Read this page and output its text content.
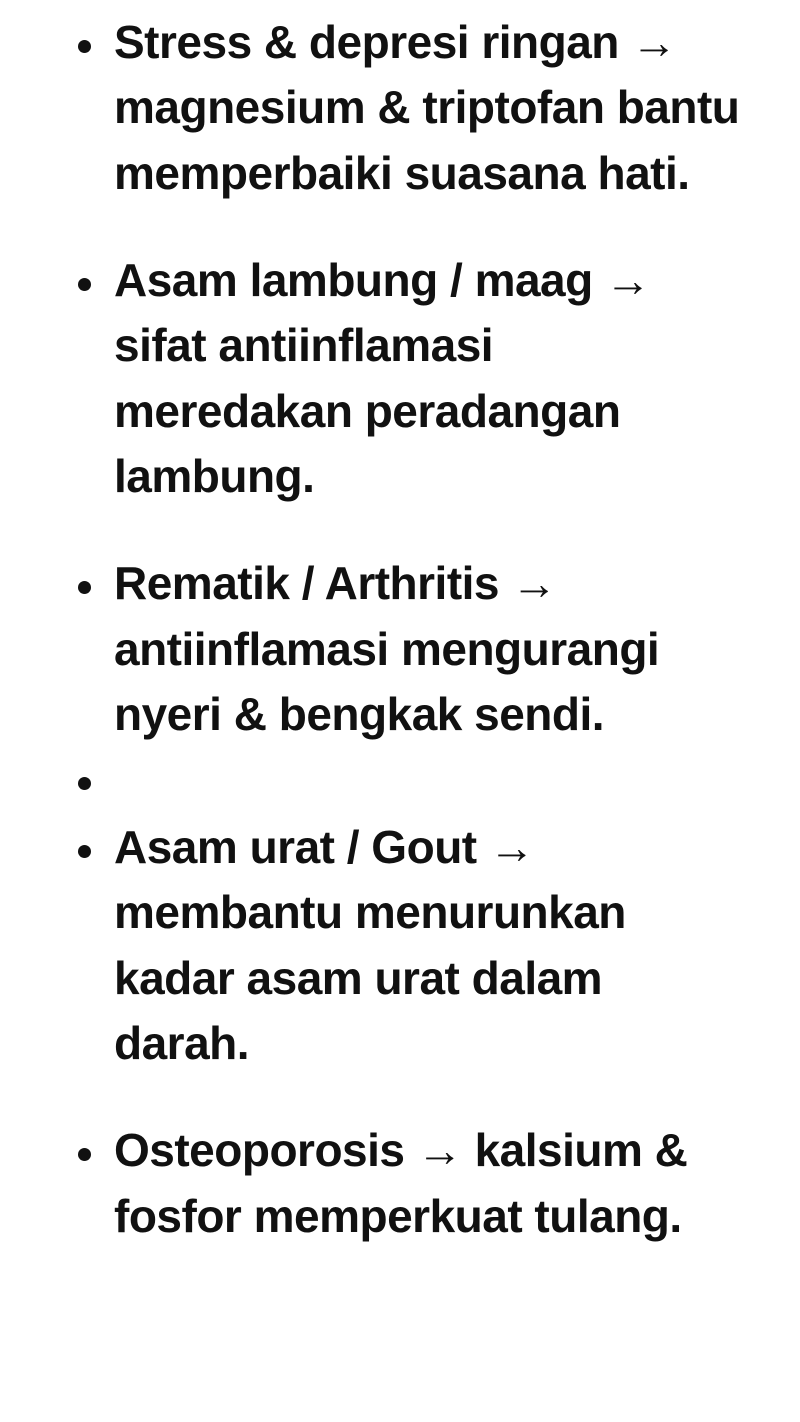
Stress & depresi ringan → magnesium & triptofan bantu memperbaiki suasana hati.
Asam lambung / maag → sifat antiinflamasi meredakan peradangan lambung.
Rematik / Arthritis → antiinflamasi mengurangi nyeri & bengkak sendi.
Asam urat / Gout → membantu menurunkan kadar asam urat dalam darah.
Osteoporosis → kalsium & fosfor memperkuat tulang.
